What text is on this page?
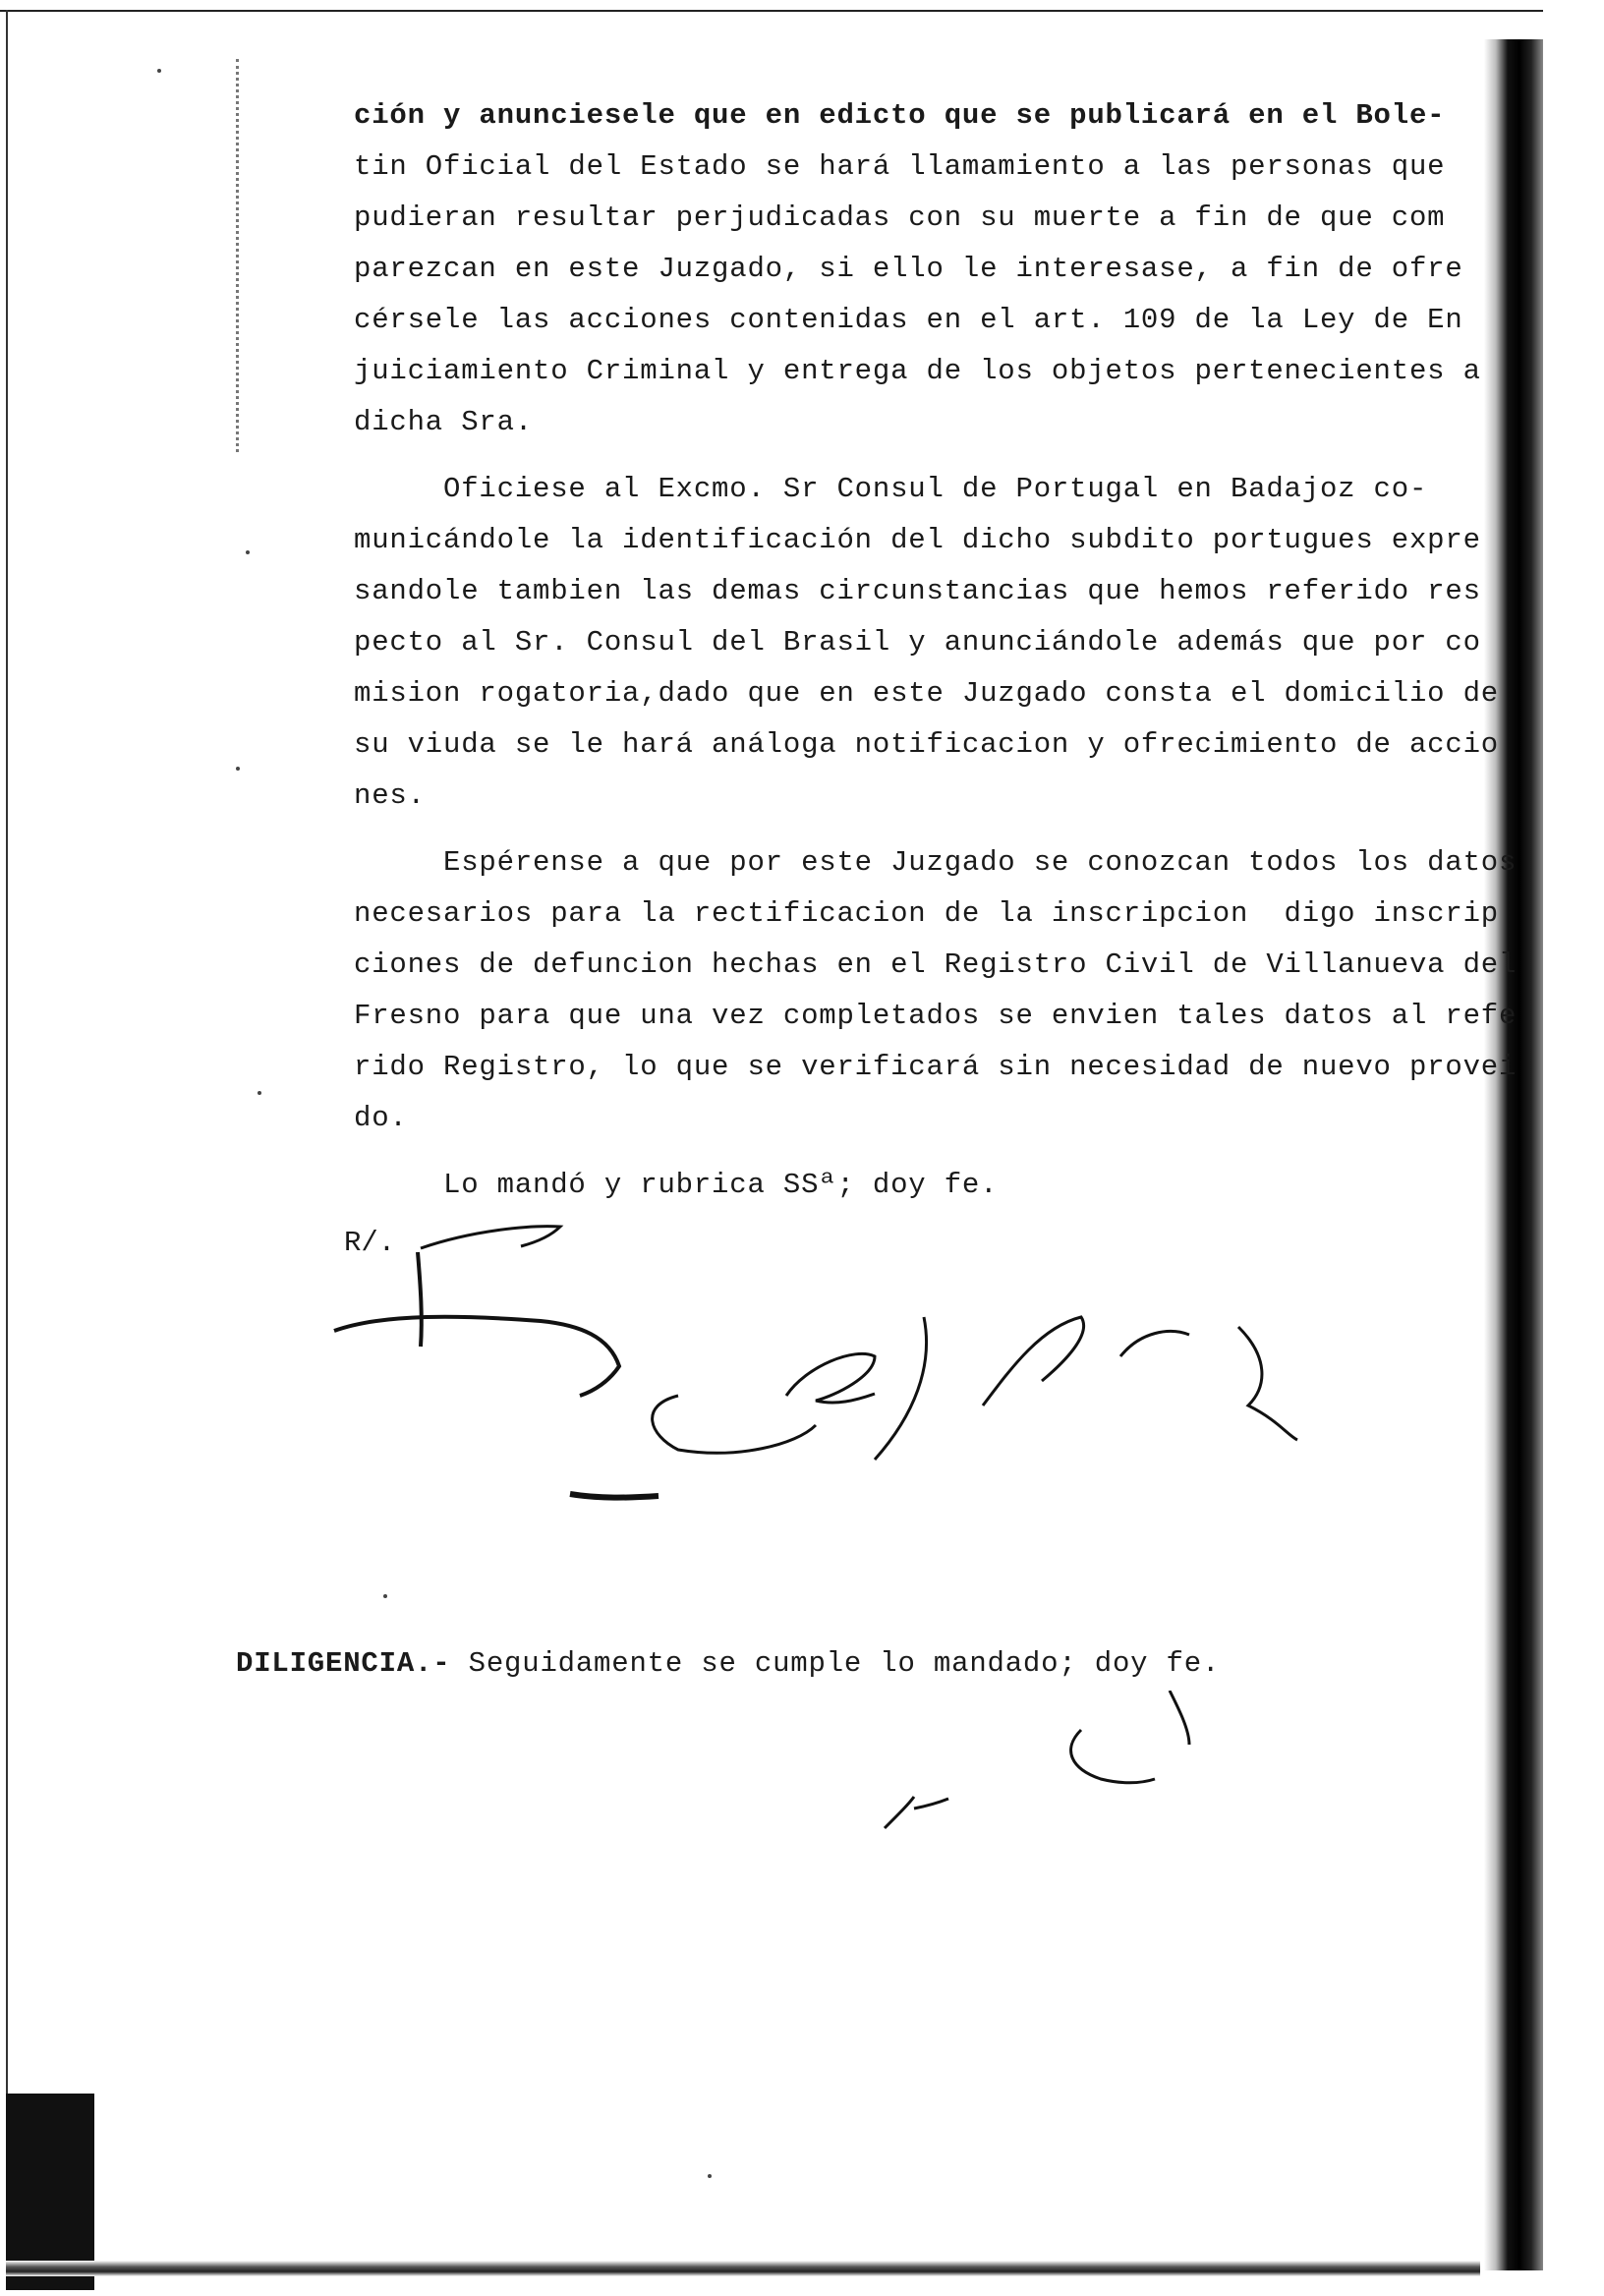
ción y anunciesele que en edicto que se publicará en el Bole-
tin Oficial del Estado se hará llamamiento a las personas que
pudieran resultar perjudicadas con su muerte a fin de que com
parezcan en este Juzgado, si ello le interesase, a fin de ofre
cérsele las acciones contenidas en el art. 109 de la Ley de En
juiciamiento Criminal y entrega de los objetos pertenecientes a
dicha Sra.
Oficiese al Excmo. Sr Consul de Portugal en Badajoz co-
municándole la identificación del dicho subdito portugues expre
sandole tambien las demas circunstancias que hemos referido res
pecto al Sr. Consul del Brasil y anunciándole además que por co
mision rogatoria,dado que en este Juzgado consta el domicilio de
su viuda se le hará análoga notificacion y ofrecimiento de accio
nes.
Espérense a que por este Juzgado se conozcan todos los datos
necesarios para la rectificacion de la inscripcion  digo inscrip
ciones de defuncion hechas en el Registro Civil de Villanueva del
Fresno para que una vez completados se envien tales datos al refe
rido Registro, lo que se verificará sin necesidad de nuevo provei
do.
Lo mandó y rubrica SSª; doy fe.
R/.
DILIGENCIA.- Seguidamente se cumple lo mandado; doy fe.
